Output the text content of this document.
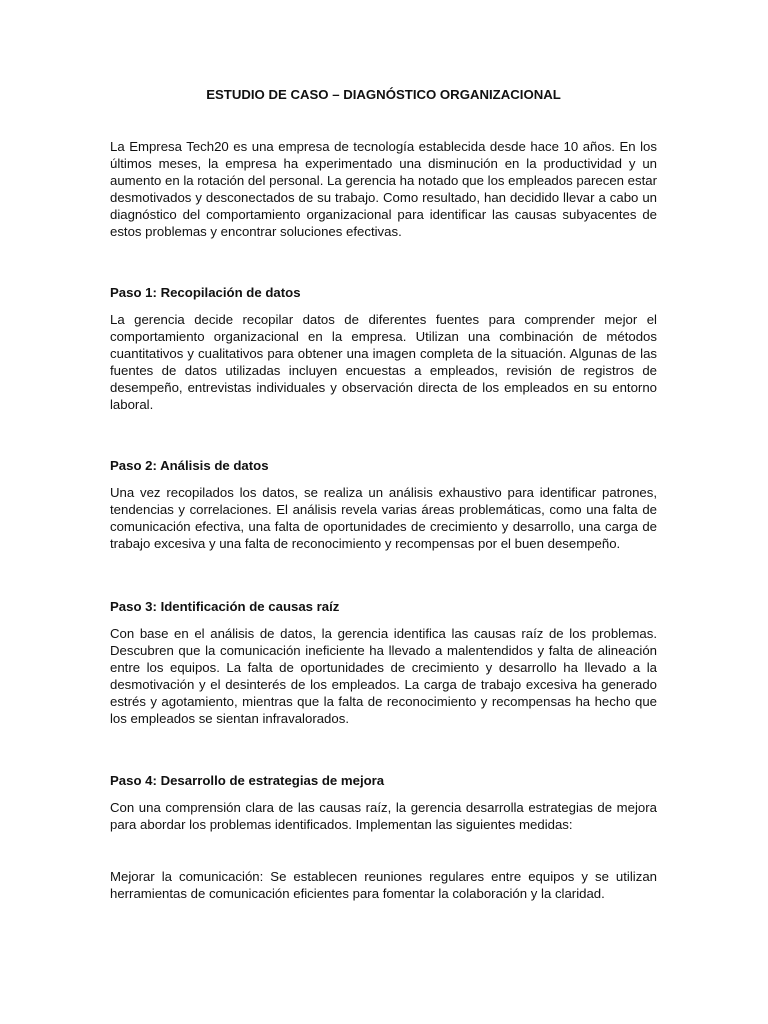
ESTUDIO DE CASO – DIAGNÓSTICO ORGANIZACIONAL

La Empresa Tech20 es una empresa de tecnología establecida desde hace 10 años. En los últimos meses, la empresa ha experimentado una disminución en la productividad y un aumento en la rotación del personal. La gerencia ha notado que los empleados parecen estar desmotivados y desconectados de su trabajo. Como resultado, han decidido llevar a cabo un diagnóstico del comportamiento organizacional para identificar las causas subyacentes de estos problemas y encontrar soluciones efectivas.

Paso 1: Recopilación de datos

La gerencia decide recopilar datos de diferentes fuentes para comprender mejor el comportamiento organizacional en la empresa. Utilizan una combinación de métodos cuantitativos y cualitativos para obtener una imagen completa de la situación. Algunas de las fuentes de datos utilizadas incluyen encuestas a empleados, revisión de registros de desempeño, entrevistas individuales y observación directa de los empleados en su entorno laboral.

Paso 2: Análisis de datos

Una vez recopilados los datos, se realiza un análisis exhaustivo para identificar patrones, tendencias y correlaciones. El análisis revela varias áreas problemáticas, como una falta de comunicación efectiva, una falta de oportunidades de crecimiento y desarrollo, una carga de trabajo excesiva y una falta de reconocimiento y recompensas por el buen desempeño.

Paso 3: Identificación de causas raíz

Con base en el análisis de datos, la gerencia identifica las causas raíz de los problemas. Descubren que la comunicación ineficiente ha llevado a malentendidos y falta de alineación entre los equipos. La falta de oportunidades de crecimiento y desarrollo ha llevado a la desmotivación y el desinterés de los empleados. La carga de trabajo excesiva ha generado estrés y agotamiento, mientras que la falta de reconocimiento y recompensas ha hecho que los empleados se sientan infravalorados.

Paso 4: Desarrollo de estrategias de mejora

Con una comprensión clara de las causas raíz, la gerencia desarrolla estrategias de mejora para abordar los problemas identificados. Implementan las siguientes medidas:

Mejorar la comunicación: Se establecen reuniones regulares entre equipos y se utilizan herramientas de comunicación eficientes para fomentar la colaboración y la claridad.
